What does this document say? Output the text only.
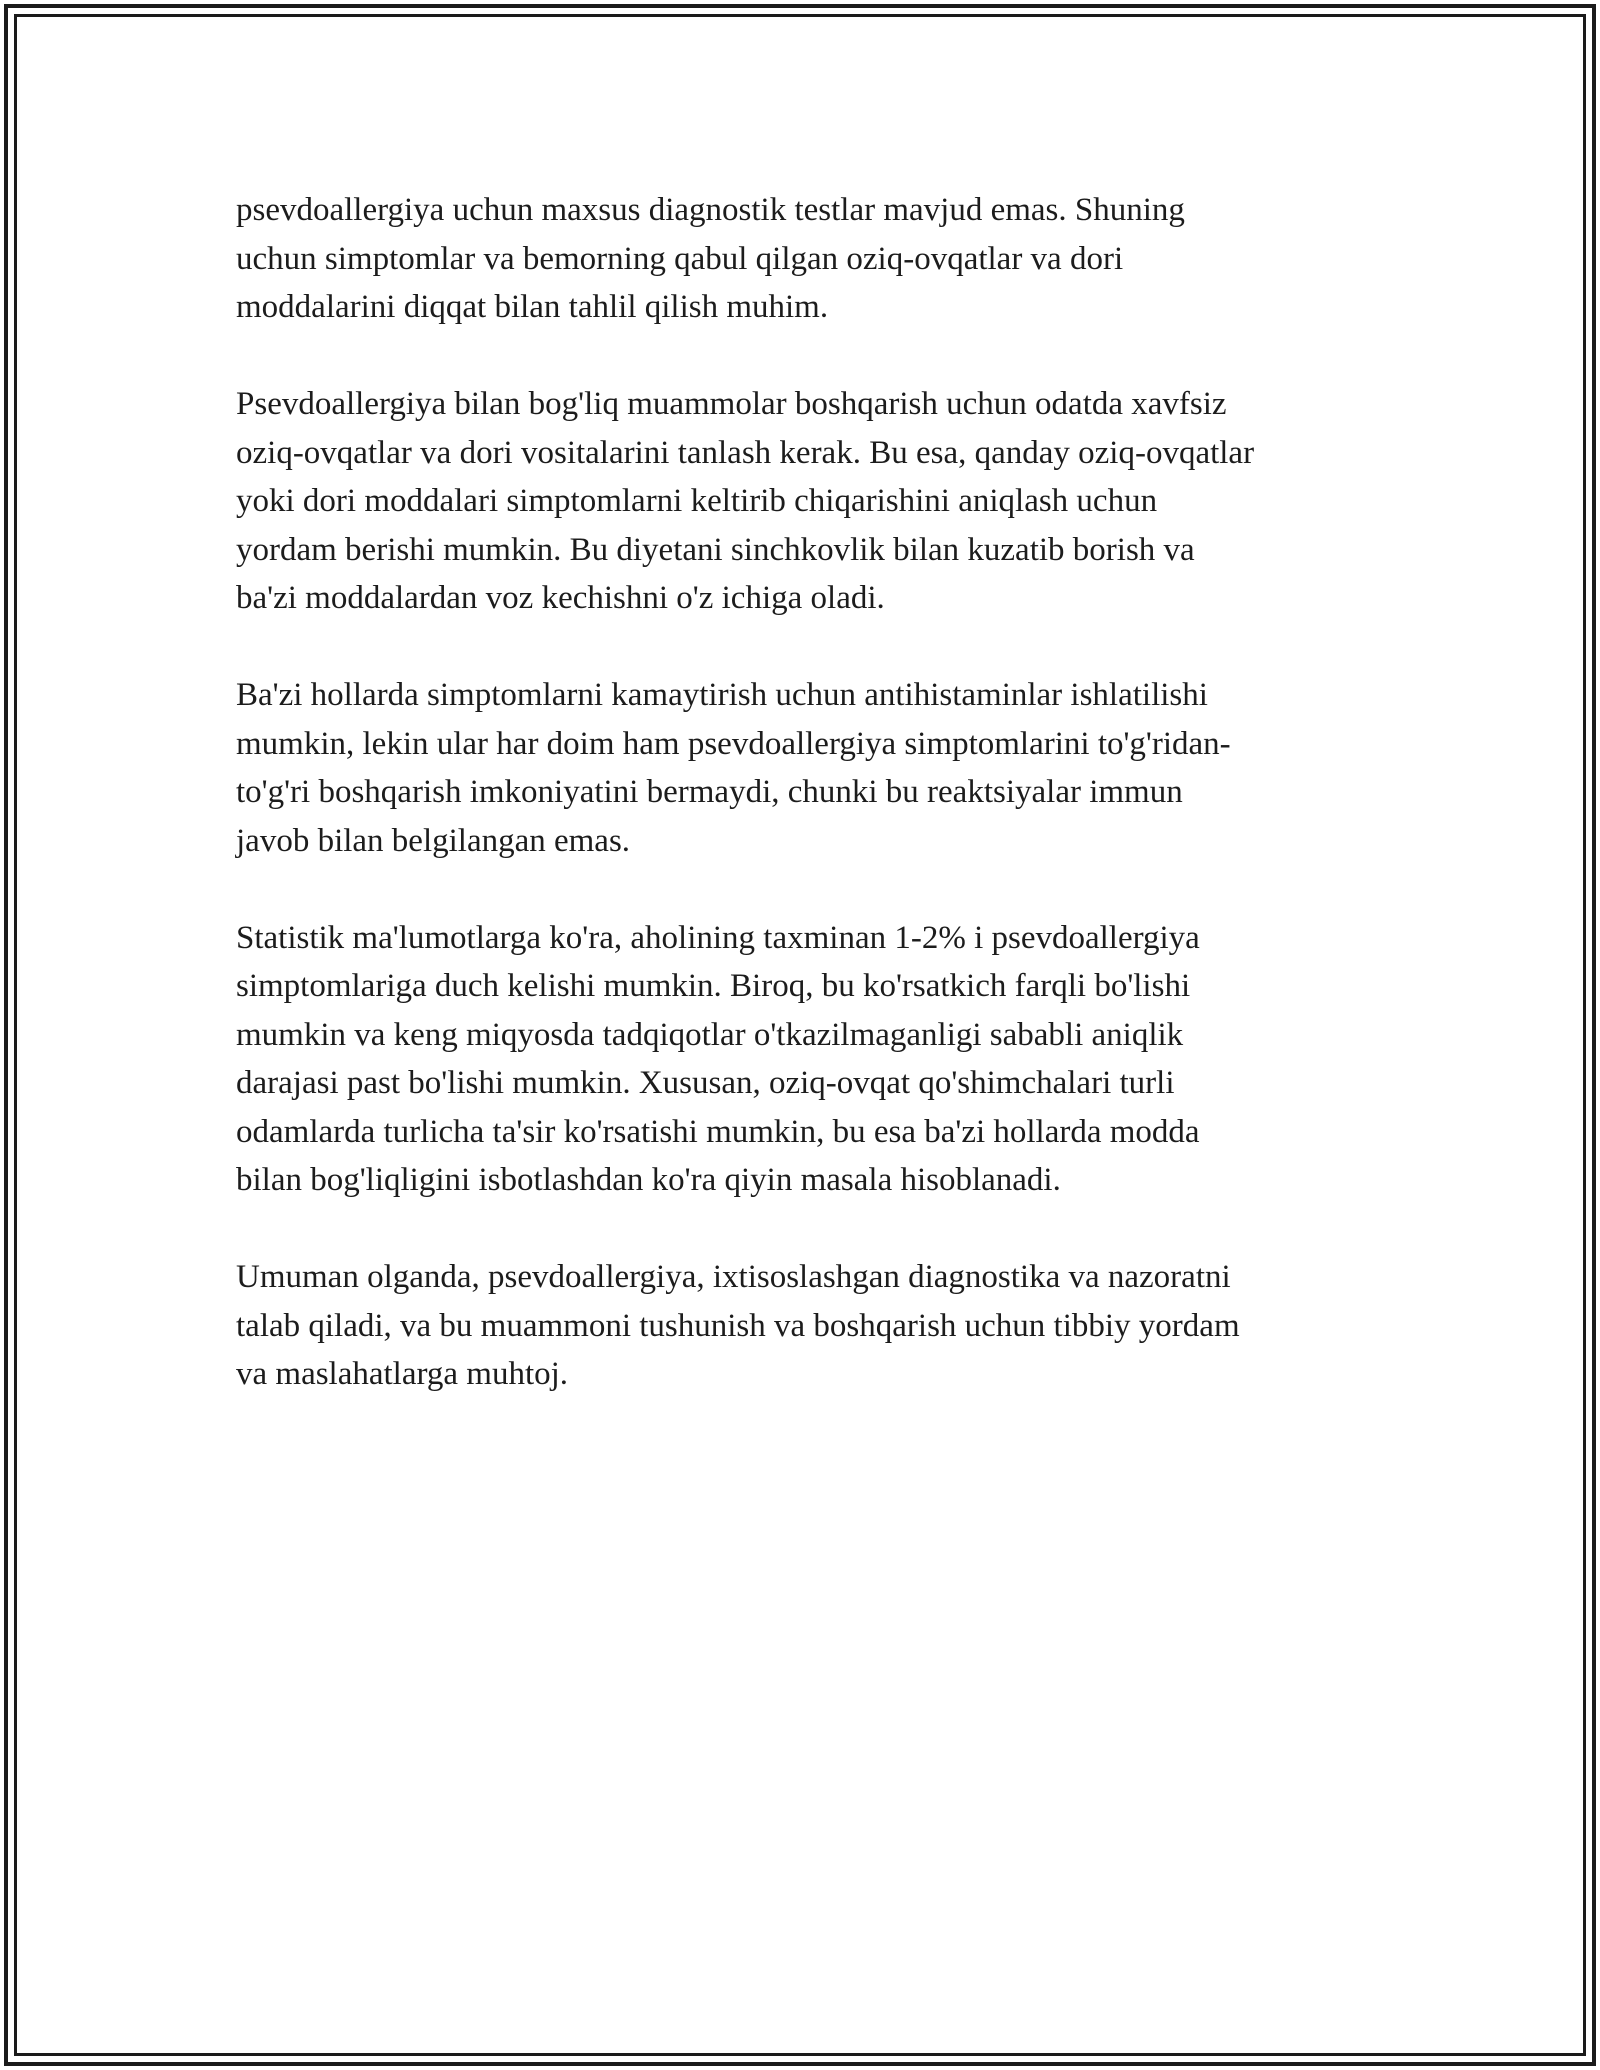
psevdoallergiya uchun maxsus diagnostik testlar mavjud emas. Shuning
uchun simptomlar va bemorning qabul qilgan oziq-ovqatlar va dori
moddalarini diqqat bilan tahlil qilish muhim.

Psevdoallergiya bilan bog'liq muammolar boshqarish uchun odatda xavfsiz
oziq-ovqatlar va dori vositalarini tanlash kerak. Bu esa, qanday oziq-ovqatlar
yoki dori moddalari simptomlarni keltirib chiqarishini aniqlash uchun
yordam berishi mumkin. Bu diyetani sinchkovlik bilan kuzatib borish va
ba'zi moddalardan voz kechishni o'z ichiga oladi.

Ba'zi hollarda simptomlarni kamaytirish uchun antihistaminlar ishlatilishi
mumkin, lekin ular har doim ham psevdoallergiya simptomlarini to'g'ridan-
to'g'ri boshqarish imkoniyatini bermaydi, chunki bu reaktsiyalar immun
javob bilan belgilangan emas.

Statistik ma'lumotlarga ko'ra, aholining taxminan 1-2% i psevdoallergiya
simptomlariga duch kelishi mumkin. Biroq, bu ko'rsatkich farqli bo'lishi
mumkin va keng miqyosda tadqiqotlar o'tkazilmaganligi sababli aniqlik
darajasi past bo'lishi mumkin. Xususan, oziq-ovqat qo'shimchalari turli
odamlarda turlicha ta'sir ko'rsatishi mumkin, bu esa ba'zi hollarda modda
bilan bog'liqligini isbotlashdan ko'ra qiyin masala hisoblanadi.

Umuman olganda, psevdoallergiya, ixtisoslashgan diagnostika va nazoratni
talab qiladi, va bu muammoni tushunish va boshqarish uchun tibbiy yordam
va maslahatlarga muhtoj.
